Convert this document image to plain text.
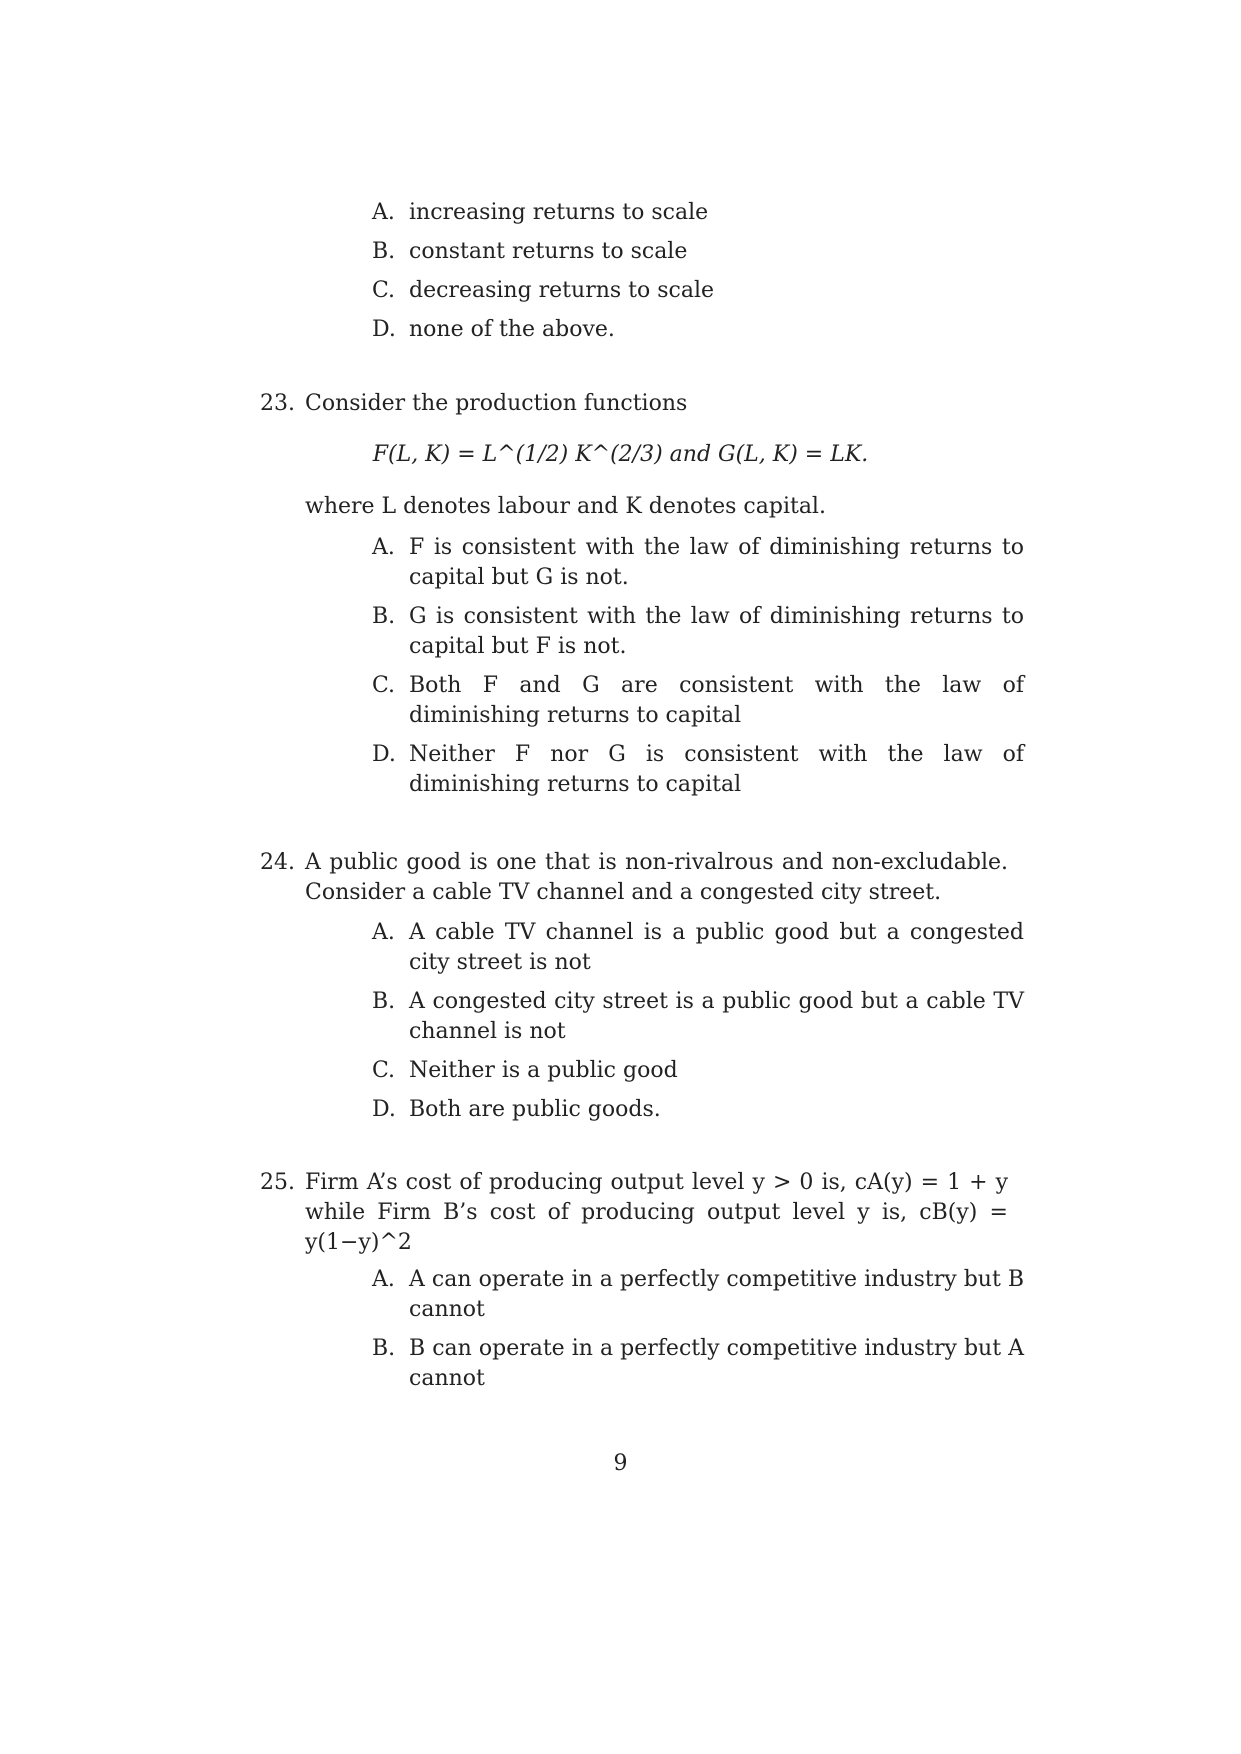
A. increasing returns to scale
B. constant returns to scale
C. decreasing returns to scale
D. none of the above.
23. Consider the production functions
F(L, K) = L^(1/2) K^(2/3) and G(L, K) = LK.
where L denotes labour and K denotes capital.
A. F is consistent with the law of diminishing returns to capital but G is not.
B. G is consistent with the law of diminishing returns to capital but F is not.
C. Both F and G are consistent with the law of diminishing returns to capital
D. Neither F nor G is consistent with the law of diminishing returns to capital
24. A public good is one that is non-rivalrous and non-excludable. Consider a cable TV channel and a congested city street.
A. A cable TV channel is a public good but a congested city street is not
B. A congested city street is a public good but a cable TV channel is not
C. Neither is a public good
D. Both are public goods.
25. Firm A’s cost of producing output level y > 0 is, cA(y) = 1 + y while Firm B’s cost of producing output level y is, cB(y) = y(1−y)^2
A. A can operate in a perfectly competitive industry but B cannot
B. B can operate in a perfectly competitive industry but A cannot
9
